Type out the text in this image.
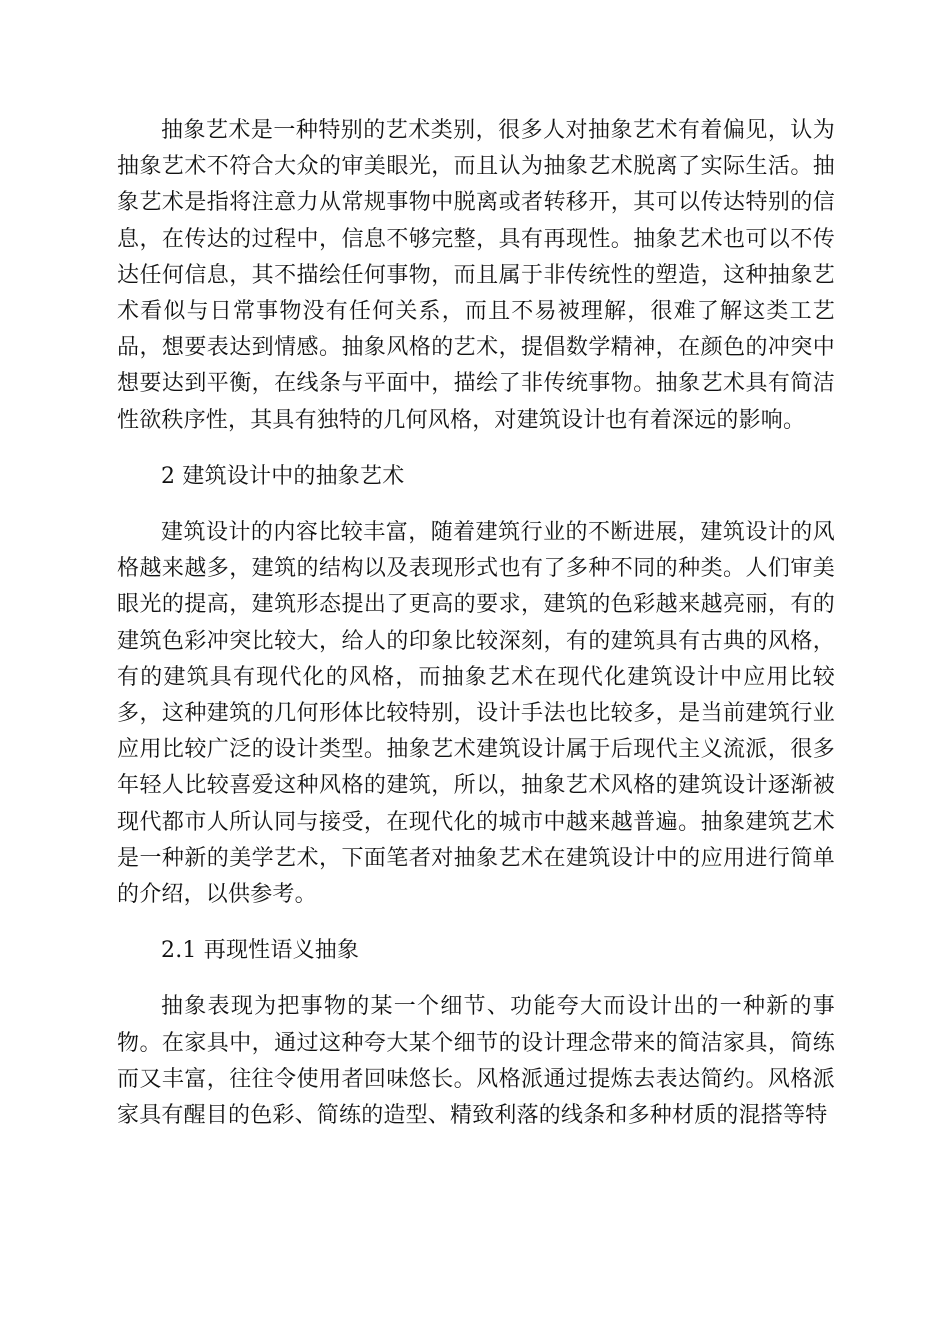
抽象艺术是一种特别的艺术类别，很多人对抽象艺术有着偏见，认为抽象艺术不符合大众的审美眼光，而且认为抽象艺术脱离了实际生活。抽象艺术是指将注意力从常规事物中脱离或者转移开，其可以传达特别的信息，在传达的过程中，信息不够完整，具有再现性。抽象艺术也可以不传达任何信息，其不描绘任何事物，而且属于非传统性的塑造，这种抽象艺术看似与日常事物没有任何关系，而且不易被理解，很难了解这类工艺品，想要表达到情感。抽象风格的艺术，提倡数学精神，在颜色的冲突中想要达到平衡，在线条与平面中，描绘了非传统事物。抽象艺术具有简洁性欲秩序性，其具有独特的几何风格，对建筑设计也有着深远的影响。

2 建筑设计中的抽象艺术

建筑设计的内容比较丰富，随着建筑行业的不断进展，建筑设计的风格越来越多，建筑的结构以及表现形式也有了多种不同的种类。人们审美眼光的提高，建筑形态提出了更高的要求，建筑的色彩越来越亮丽，有的建筑色彩冲突比较大，给人的印象比较深刻，有的建筑具有古典的风格，有的建筑具有现代化的风格，而抽象艺术在现代化建筑设计中应用比较多，这种建筑的几何形体比较特别，设计手法也比较多，是当前建筑行业应用比较广泛的设计类型。抽象艺术建筑设计属于后现代主义流派，很多年轻人比较喜爱这种风格的建筑，所以，抽象艺术风格的建筑设计逐渐被现代都市人所认同与接受，在现代化的城市中越来越普遍。抽象建筑艺术是一种新的美学艺术，下面笔者对抽象艺术在建筑设计中的应用进行简单的介绍，以供参考。

2.1 再现性语义抽象

抽象表现为把事物的某一个细节、功能夸大而设计出的一种新的事物。在家具中，通过这种夸大某个细节的设计理念带来的简洁家具，简练而又丰富，往往令使用者回味悠长。风格派通过提炼去表达简约。风格派家具有醒目的色彩、简练的造型、精致利落的线条和多种材质的混搭等特
